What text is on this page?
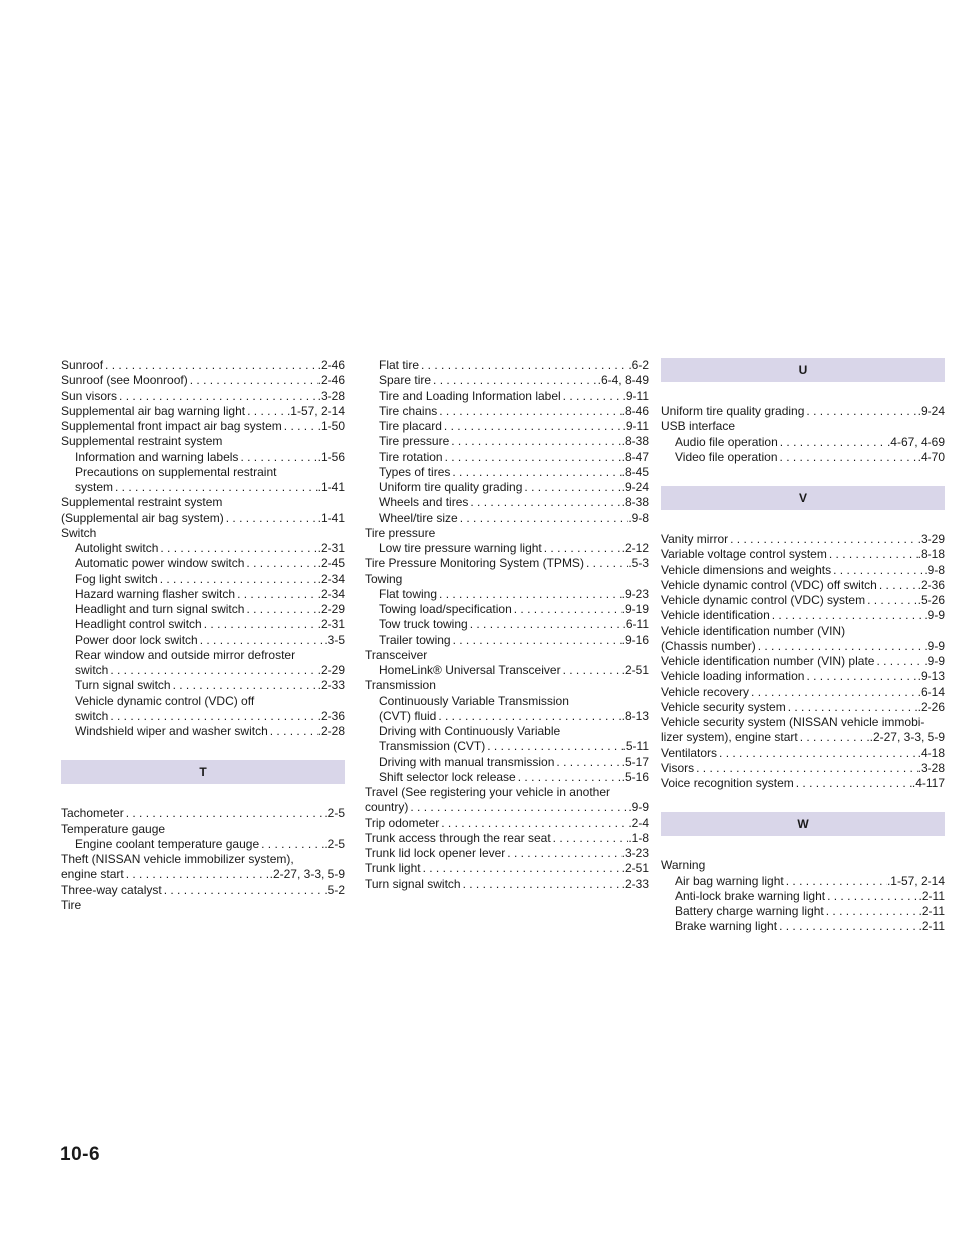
Sunroof . . .	.2-46
Sunroof (see Moonroof) . . .	.2-46
Sun visors . . .	.3-28
Supplemental air bag warning light . . .	.1-57, 2-14
Supplemental front impact air bag system . . .	.1-50
Supplemental restraint system
Information and warning labels . . .	.1-56
Precautions on supplemental restraint
system . . .	.1-41
Supplemental restraint system
(Supplemental air bag system) . . .	.1-41
Switch
Autolight switch . . .	.2-31
Automatic power window switch . . .	.2-45
Fog light switch . . .	.2-34
Hazard warning flasher switch . . .	.2-34
Headlight and turn signal switch . . .	.2-29
Headlight control switch . . .	.2-31
Power door lock switch . . .	.3-5
Rear window and outside mirror defroster
switch . . .	.2-29
Turn signal switch . . .	.2-33
Vehicle dynamic control (VDC) off
switch . . .	.2-36
Windshield wiper and washer switch . . .	.2-28
T
Tachometer . . .	.2-5
Temperature gauge
Engine coolant temperature gauge . . .	.2-5
Theft (NISSAN vehicle immobilizer system),
engine start . . .	.2-27, 3-3, 5-9
Three-way catalyst . . .	.5-2
Tire
Flat tire . . .	.6-2
Spare tire . . .	.6-4, 8-49
Tire and Loading Information label . . .	.9-11
Tire chains . . .	.8-46
Tire placard . . .	.9-11
Tire pressure . . .	.8-38
Tire rotation . . .	.8-47
Types of tires . . .	.8-45
Uniform tire quality grading . . .	.9-24
Wheels and tires . . .	.8-38
Wheel/tire size . . .	.9-8
Tire pressure
Low tire pressure warning light . . .	.2-12
Tire Pressure Monitoring System (TPMS) . . .	.5-3
Towing
Flat towing . . .	.9-23
Towing load/specification . . .	.9-19
Tow truck towing . . .	.6-11
Trailer towing . . .	.9-16
Transceiver
HomeLink® Universal Transceiver . . .	.2-51
Transmission
Continuously Variable Transmission
(CVT) fluid . . .	.8-13
Driving with Continuously Variable
Transmission (CVT) . . .	.5-11
Driving with manual transmission . . .	.5-17
Shift selector lock release . . .	.5-16
Travel (See registering your vehicle in another
country) . . .	.9-9
Trip odometer . . .	.2-4
Trunk access through the rear seat . . .	.1-8
Trunk lid lock opener lever . . .	.3-23
Trunk light . . .	.2-51
Turn signal switch . . .	.2-33
U
Uniform tire quality grading . . .	.9-24
USB interface
Audio file operation . . .	.4-67, 4-69
Video file operation . . .	.4-70
V
Vanity mirror . . .	.3-29
Variable voltage control system . . .	.8-18
Vehicle dimensions and weights . . .	.9-8
Vehicle dynamic control (VDC) off switch . . .	.2-36
Vehicle dynamic control (VDC) system . . .	.5-26
Vehicle identification . . .	.9-9
Vehicle identification number (VIN)
(Chassis number) . . .	.9-9
Vehicle identification number (VIN) plate . . .	.9-9
Vehicle loading information . . .	.9-13
Vehicle recovery . . .	.6-14
Vehicle security system . . .	.2-26
Vehicle security system (NISSAN vehicle immobi-
lizer system), engine start . . .	.2-27, 3-3, 5-9
Ventilators . . .	.4-18
Visors . . .	.3-28
Voice recognition system . . .	.4-117
W
Warning
Air bag warning light . . .	.1-57, 2-14
Anti-lock brake warning light . . .	.2-11
Battery charge warning light . . .	.2-11
Brake warning light . . .	.2-11
10-6
